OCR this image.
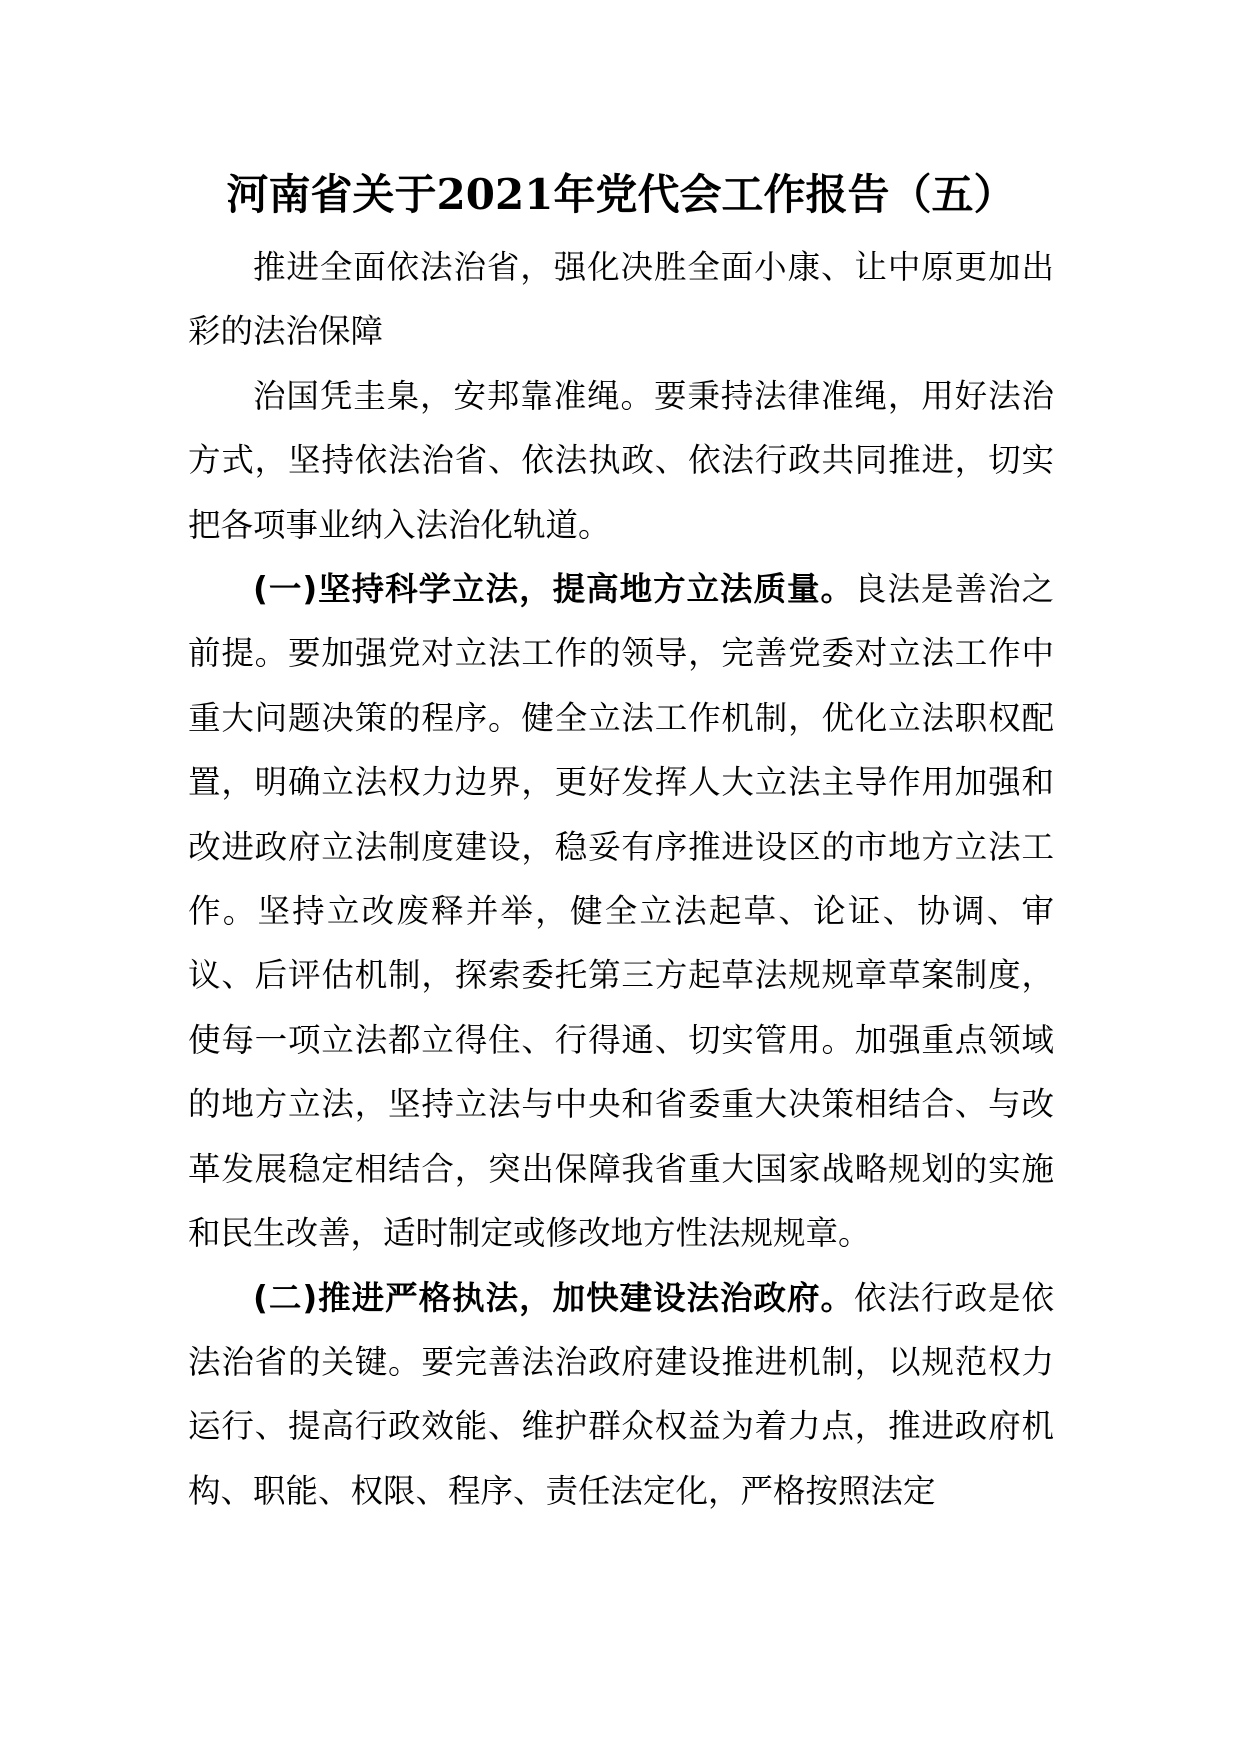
河南省关于2021年党代会工作报告（五）

推进全面依法治省，强化决胜全面小康、让中原更加出彩的法治保障

治国凭圭臬，安邦靠准绳。要秉持法律准绳，用好法治方式，坚持依法治省、依法执政、依法行政共同推进，切实把各项事业纳入法治化轨道。

(一)坚持科学立法，提高地方立法质量。良法是善治之前提。要加强党对立法工作的领导，完善党委对立法工作中重大问题决策的程序。健全立法工作机制，优化立法职权配置，明确立法权力边界，更好发挥人大立法主导作用加强和改进政府立法制度建设，稳妥有序推进设区的市地方立法工作。坚持立改废释并举，健全立法起草、论证、协调、审议、后评估机制，探索委托第三方起草法规规章草案制度，使每一项立法都立得住、行得通、切实管用。加强重点领域的地方立法，坚持立法与中央和省委重大决策相结合、与改革发展稳定相结合，突出保障我省重大国家战略规划的实施和民生改善，适时制定或修改地方性法规规章。

(二)推进严格执法，加快建设法治政府。依法行政是依法治省的关键。要完善法治政府建设推进机制，以规范权力运行、提高行政效能、维护群众权益为着力点，推进政府机构、职能、权限、程序、责任法定化，严格按照法定
